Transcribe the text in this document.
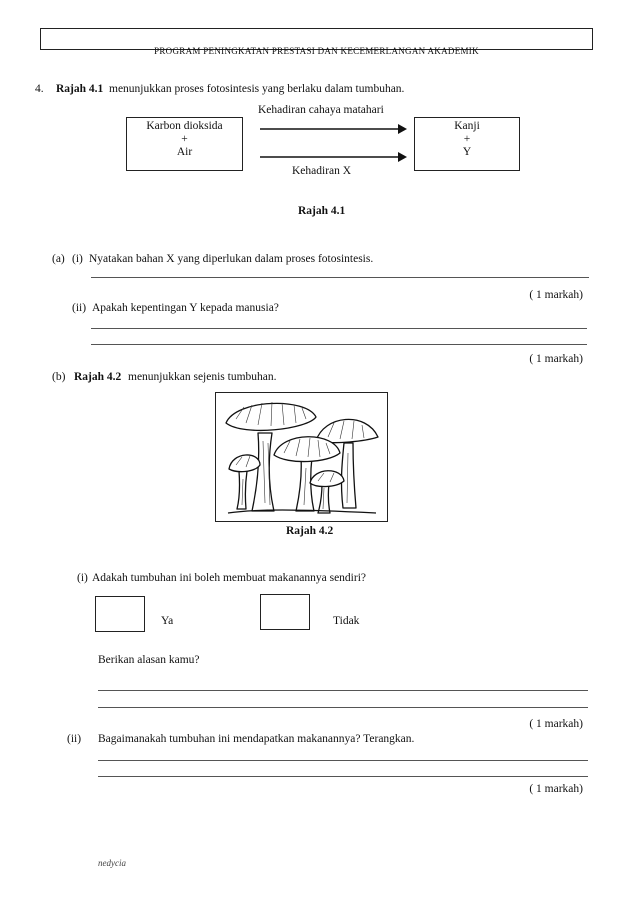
PROGRAM PENINGKATAN PRESTASI DAN KECEMERLANGAN AKADEMIK
4. Rajah 4.1 menunjukkan proses fotosintesis yang berlaku dalam tumbuhan.
Karbon dioksida
+
Air
Kanji
+
Y
Kehadiran cahaya matahari
Kehadiran X
Rajah 4.1
(a) (i) Nyatakan bahan X yang diperlukan dalam proses fotosintesis.
( 1 markah)
(ii) Apakah kepentingan Y kepada manusia?
( 1 markah)
(b) Rajah 4.2 menunjukkan sejenis tumbuhan.
Rajah 4.2
(i) Adakah tumbuhan ini boleh membuat makanannya sendiri?
Ya	Tidak
Berikan alasan kamu?
( 1 markah)
(ii) Bagaimanakah tumbuhan ini mendapatkan makanannya? Terangkan.
( 1 markah)
nedycia
